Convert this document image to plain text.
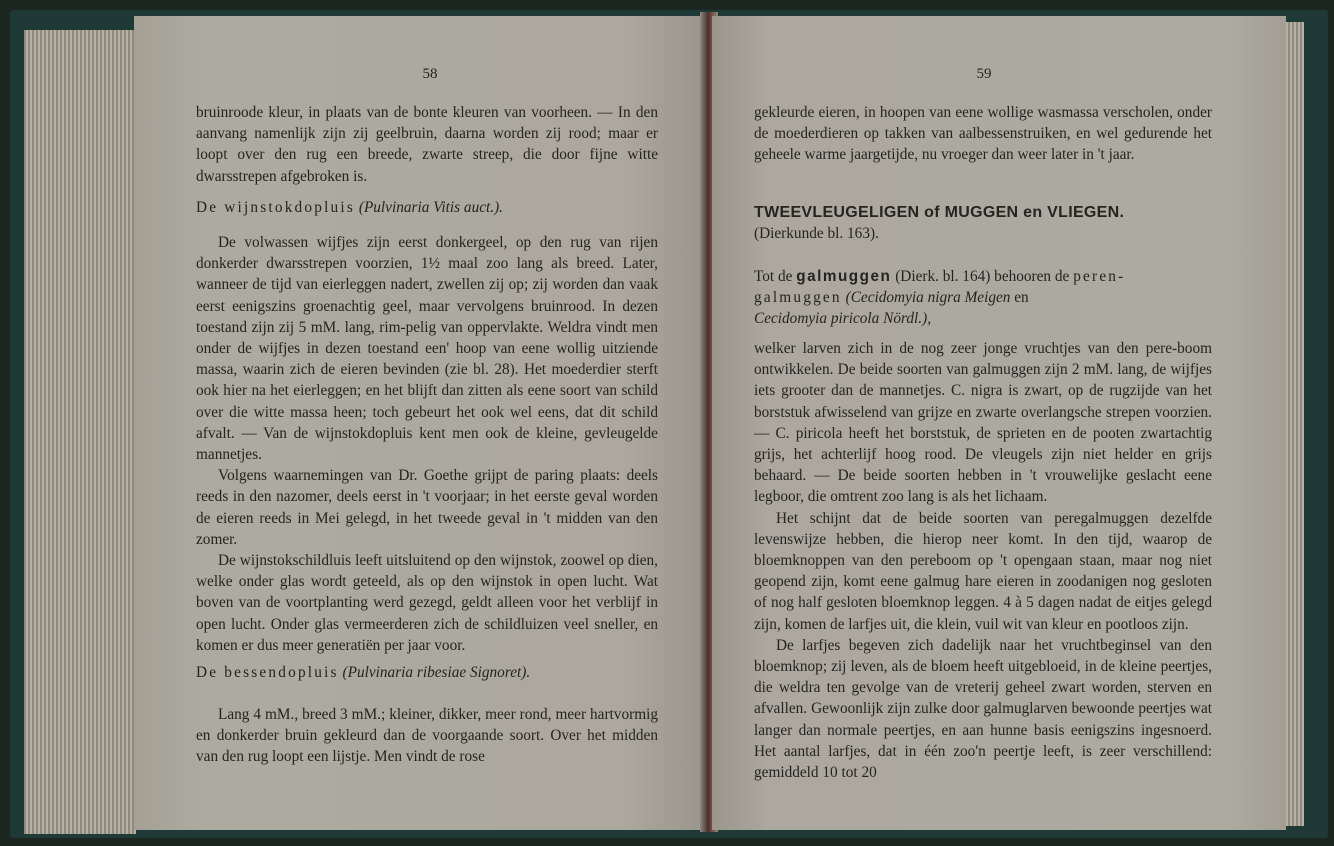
58

bruinroode kleur, in plaats van de bonte kleuren van voorheen. — In den aanvang namenlijk zijn zij geelbruin, daarna worden zij rood; maar er loopt over den rug een breede, zwarte streep, die door fijne witte dwarsstrepen afgebroken is.

De wijnstokdopluis (Pulvinaria Vitis auct.).

De volwassen wijfjes zijn eerst donkergeel, op den rug van rijen donkerder dwarsstrepen voorzien, 1½ maal zoo lang als breed. Later, wanneer de tijd van eierleggen nadert, zwellen zij op; zij worden dan vaak eerst eenigszins groenachtig geel, maar vervolgens bruinrood. In dezen toestand zijn zij 5 mM. lang, rim-pelig van oppervlakte. Weldra vindt men onder de wijfjes in dezen toestand een' hoop van eene wollig uitziende massa, waarin zich de eieren bevinden (zie bl. 28). Het moederdier sterft ook hier na het eierleggen; en het blijft dan zitten als eene soort van schild over die witte massa heen; toch gebeurt het ook wel eens, dat dit schild afvalt. — Van de wijnstokdopluis kent men ook de kleine, gevleugelde mannetjes.

Volgens waarnemingen van Dr. Goethe grijpt de paring plaats: deels reeds in den nazomer, deels eerst in 't voorjaar; in het eerste geval worden de eieren reeds in Mei gelegd, in het tweede geval in 't midden van den zomer.

De wijnstokschildluis leeft uitsluitend op den wijnstok, zoowel op dien, welke onder glas wordt geteeld, als op den wijnstok in open lucht. Wat boven van de voortplanting werd gezegd, geldt alleen voor het verblijf in open lucht. Onder glas vermeerderen zich de schildluizen veel sneller, en komen er dus meer generatiën per jaar voor.

De bessendopluis (Pulvinaria ribesiae Signoret).

Lang 4 mM., breed 3 mM.; kleiner, dikker, meer rond, meer hartvormig en donkerder bruin gekleurd dan de voorgaande soort. Over het midden van den rug loopt een lijstje. Men vindt de rose

59

gekleurde eieren, in hoopen van eene wollige wasmassa verscholen, onder de moederdieren op takken van aalbessenstruiken, en wel gedurende het geheele warme jaargetijde, nu vroeger dan weer later in 't jaar.

TWEEVLEUGELIGEN of MUGGEN en VLIEGEN.

(Dierkunde bl. 163).

Tot de galmuggen (Dierk. bl. 164) behooren de peren-
galmuggen (Cecidomyia nigra Meigen en
Cecidomyia piricola Nördl.),

welker larven zich in de nog zeer jonge vruchtjes van den pere-boom ontwikkelen. De beide soorten van galmuggen zijn 2 mM. lang, de wijfjes iets grooter dan de mannetjes. C. nigra is zwart, op de rugzijde van het borststuk afwisselend van grijze en zwarte overlangsche strepen voorzien. — C. piricola heeft het borststuk, de sprieten en de pooten zwartachtig grijs, het achterlijf hoog rood. De vleugels zijn niet helder en grijs behaard. — De beide soorten hebben in 't vrouwelijke geslacht eene legboor, die omtrent zoo lang is als het lichaam.

Het schijnt dat de beide soorten van peregalmuggen dezelfde levenswijze hebben, die hierop neer komt. In den tijd, waarop de bloemknoppen van den pereboom op 't opengaan staan, maar nog niet geopend zijn, komt eene galmug hare eieren in zoodanigen nog gesloten of nog half gesloten bloemknop leggen. 4 à 5 dagen nadat de eitjes gelegd zijn, komen de larfjes uit, die klein, vuil wit van kleur en pootloos zijn.

De larfjes begeven zich dadelijk naar het vruchtbeginsel van den bloemknop; zij leven, als de bloem heeft uitgebloeid, in de kleine peertjes, die weldra ten gevolge van de vreterij geheel zwart worden, sterven en afvallen. Gewoonlijk zijn zulke door galmuglarven bewoonde peertjes wat langer dan normale peertjes, en aan hunne basis eenigszins ingesnoerd. Het aantal larfjes, dat in één zoo'n peertje leeft, is zeer verschillend: gemiddeld 10 tot 20
